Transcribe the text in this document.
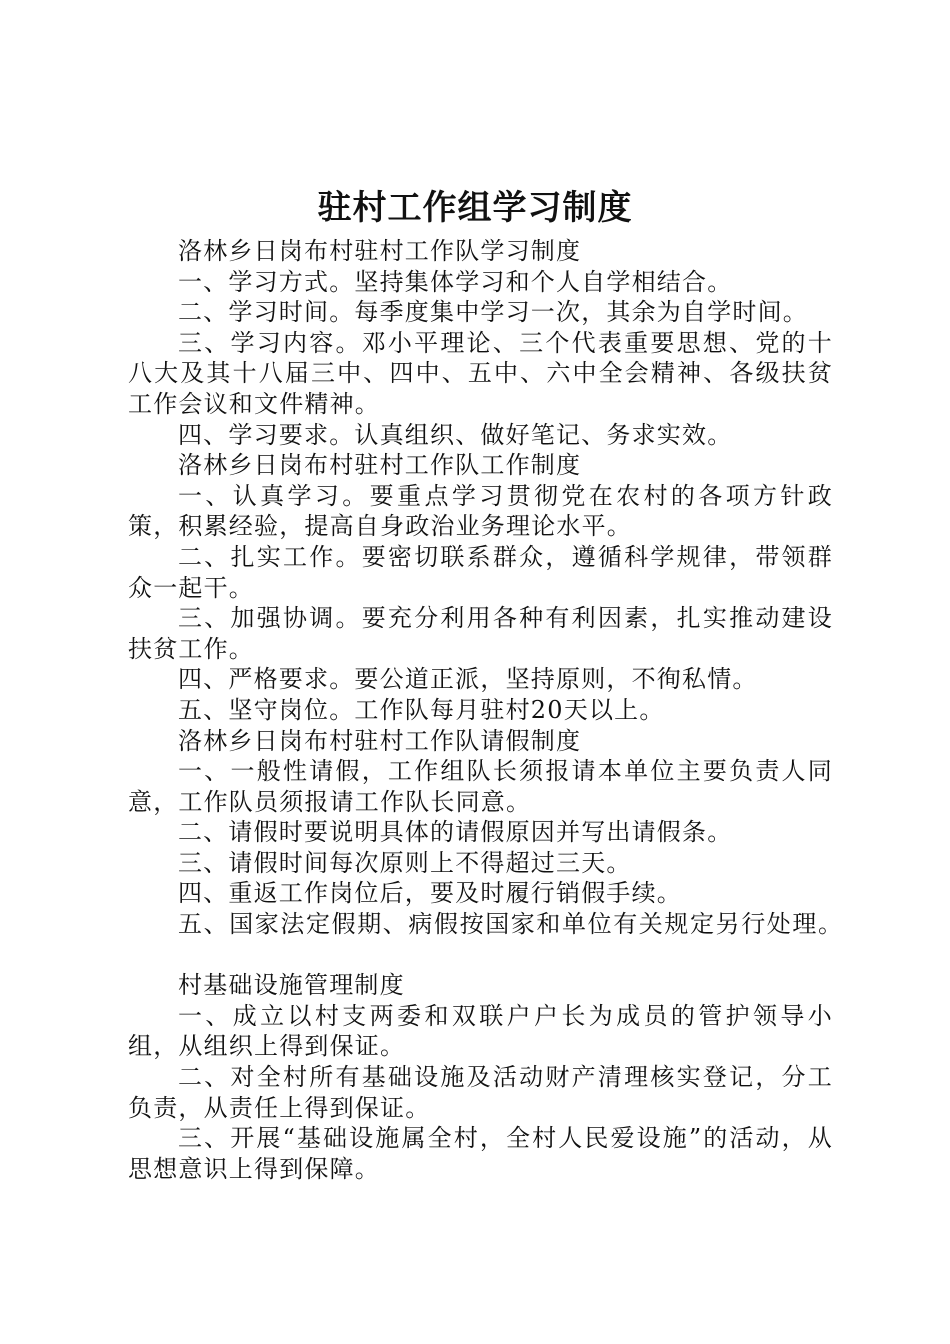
驻村工作组学习制度

洛林乡日岗布村驻村工作队学习制度

一、学习方式。坚持集体学习和个人自学相结合。

二、学习时间。每季度集中学习一次，其余为自学时间。

三、学习内容。邓小平理论、三个代表重要思想、党的十八大及其十八届三中、四中、五中、六中全会精神、各级扶贫工作会议和文件精神。

四、学习要求。认真组织、做好笔记、务求实效。

洛林乡日岗布村驻村工作队工作制度

一、认真学习。要重点学习贯彻党在农村的各项方针政策，积累经验，提高自身政治业务理论水平。

二、扎实工作。要密切联系群众，遵循科学规律，带领群众一起干。

三、加强协调。要充分利用各种有利因素，扎实推动建设扶贫工作。

四、严格要求。要公道正派，坚持原则，不徇私情。

五、坚守岗位。工作队每月驻村20天以上。

洛林乡日岗布村驻村工作队请假制度

一、一般性请假，工作组队长须报请本单位主要负责人同意，工作队员须报请工作队长同意。

二、请假时要说明具体的请假原因并写出请假条。

三、请假时间每次原则上不得超过三天。

四、重返工作岗位后，要及时履行销假手续。

五、国家法定假期、病假按国家和单位有关规定另行处理。

村基础设施管理制度

一、成立以村支两委和双联户户长为成员的管护领导小组，从组织上得到保证。

二、对全村所有基础设施及活动财产清理核实登记，分工负责，从责任上得到保证。

三、开展“基础设施属全村，全村人民爱设施”的活动，从思想意识上得到保障。
